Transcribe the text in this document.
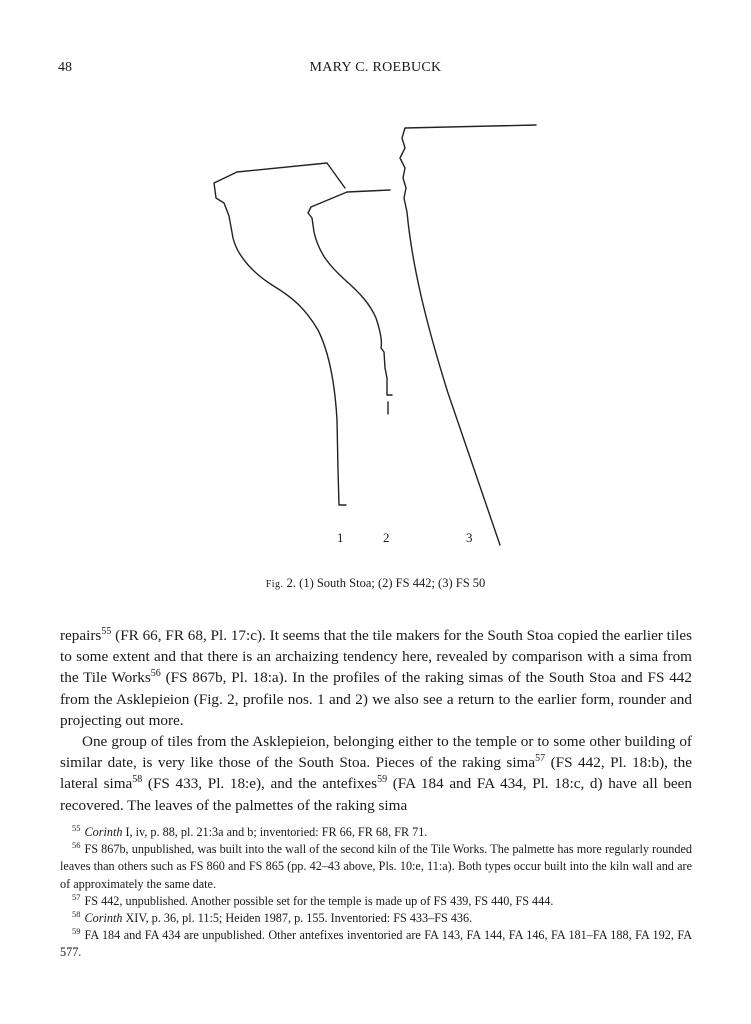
48	MARY C. ROEBUCK
1	2	3
Fig. 2. (1) South Stoa; (2) FS 442; (3) FS 50

repairs$^{55}$ (FR 66, FR 68, Pl. 17:c). It seems that the tile makers for the South Stoa copied the earlier tiles to some extent and that there is an archaizing tendency here, revealed by comparison with a sima from the Tile Works$^{56}$ (FS 867b, Pl. 18:a). In the profiles of the raking simas of the South Stoa and FS 442 from the Asklepieion (Fig. 2, profile nos. 1 and 2) we also see a return to the earlier form, rounder and projecting out more.

One group of tiles from the Asklepieion, belonging either to the temple or to some other building of similar date, is very like those of the South Stoa. Pieces of the raking sima$^{57}$ (FS 442, Pl. 18:b), the lateral sima$^{58}$ (FS 433, Pl. 18:e), and the antefixes$^{59}$ (FA 184 and FA 434, Pl. 18:c, d) have all been recovered. The leaves of the palmettes of the raking sima

$^{55}$ Corinth I, iv, p. 88, pl. 21:3a and b; inventoried: FR 66, FR 68, FR 71.

$^{56}$ FS 867b, unpublished, was built into the wall of the second kiln of the Tile Works. The palmette has more regularly rounded leaves than others such as FS 860 and FS 865 (pp. 42–43 above, Pls. 10:e, 11:a). Both types occur built into the kiln wall and are of approximately the same date.

$^{57}$ FS 442, unpublished. Another possible set for the temple is made up of FS 439, FS 440, FS 444.

$^{58}$ Corinth XIV, p. 36, pl. 11:5; Heiden 1987, p. 155. Inventoried: FS 433–FS 436.

$^{59}$ FA 184 and FA 434 are unpublished. Other antefixes inventoried are FA 143, FA 144, FA 146, FA 181–FA 188, FA 192, FA 577.
